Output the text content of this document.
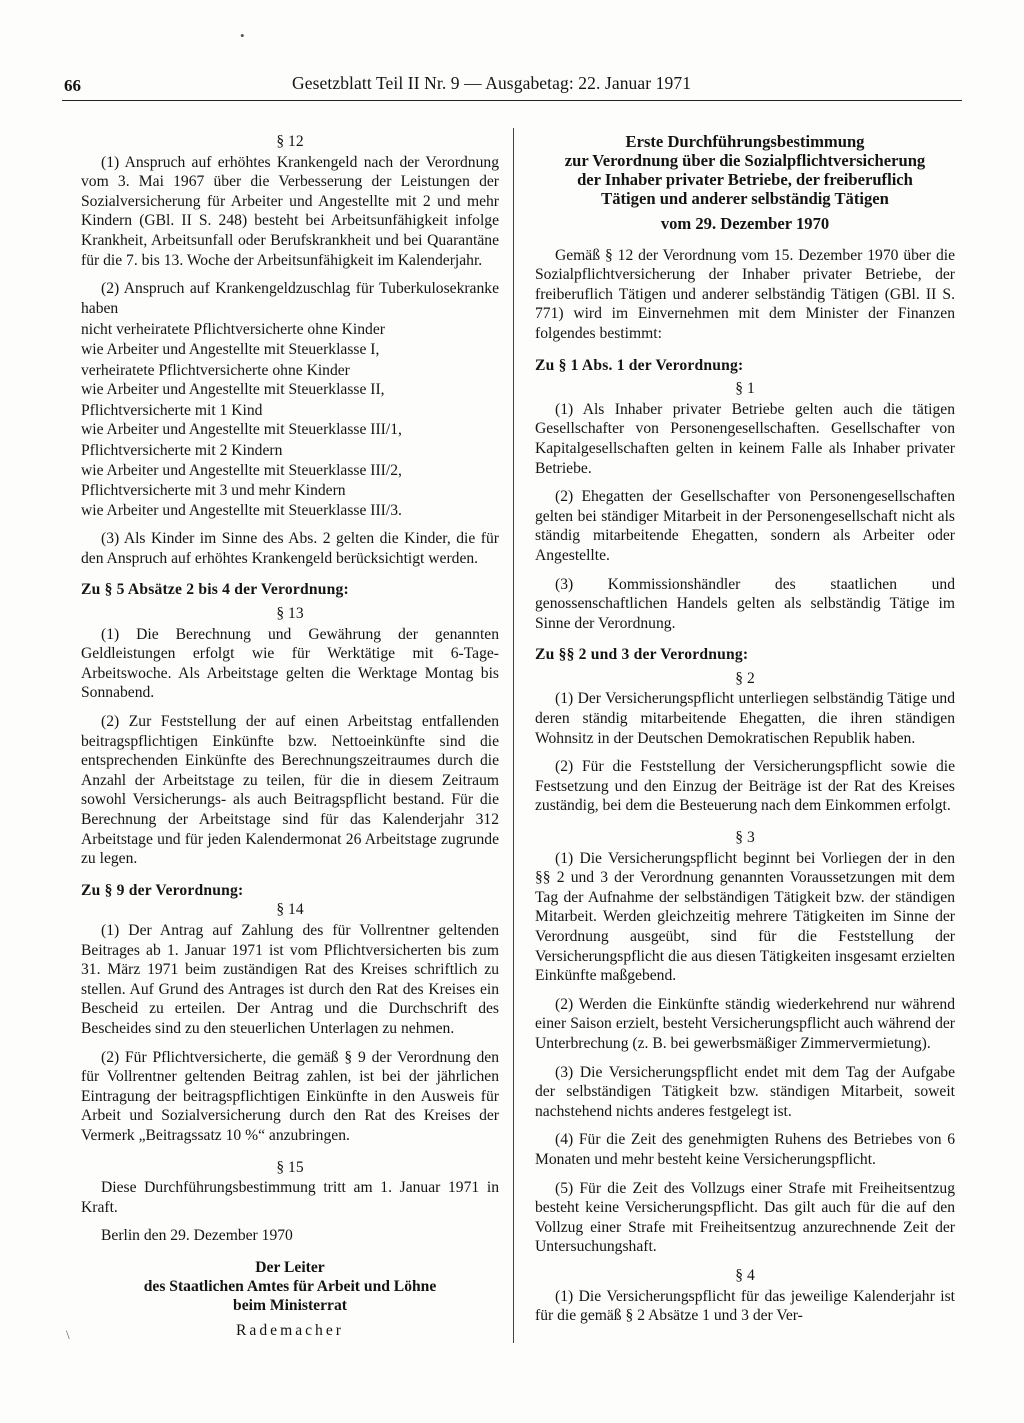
66	Gesetzblatt Teil II Nr. 9 — Ausgabetag: 22. Januar 1971
§ 12

(1) Anspruch auf erhöhtes Krankengeld nach der Verordnung vom 3. Mai 1967 über die Verbesserung der Leistungen der Sozialversicherung für Arbeiter und Angestellte mit 2 und mehr Kindern (GBl. II S. 248) besteht bei Arbeitsunfähigkeit infolge Krankheit, Arbeitsunfall oder Berufskrankheit und bei Quarantäne für die 7. bis 13. Woche der Arbeitsunfähigkeit im Kalenderjahr.

(2) Anspruch auf Krankengeldzuschlag für Tuberkulosekranke haben

nicht verheiratete Pflichtversicherte ohne Kinder
wie Arbeiter und Angestellte mit Steuerklasse I,
verheiratete Pflichtversicherte ohne Kinder
wie Arbeiter und Angestellte mit Steuerklasse II,
Pflichtversicherte mit 1 Kind
wie Arbeiter und Angestellte mit Steuerklasse III/1,
Pflichtversicherte mit 2 Kindern
wie Arbeiter und Angestellte mit Steuerklasse III/2,
Pflichtversicherte mit 3 und mehr Kindern
wie Arbeiter und Angestellte mit Steuerklasse III/3.

(3) Als Kinder im Sinne des Abs. 2 gelten die Kinder, die für den Anspruch auf erhöhtes Krankengeld berücksichtigt werden.

Zu § 5 Absätze 2 bis 4 der Verordnung:
§ 13

(1) Die Berechnung und Gewährung der genannten Geldleistungen erfolgt wie für Werktätige mit 6-Tage-Arbeitswoche. Als Arbeitstage gelten die Werktage Montag bis Sonnabend.

(2) Zur Feststellung der auf einen Arbeitstag entfallenden beitragspflichtigen Einkünfte bzw. Nettoeinkünfte sind die entsprechenden Einkünfte des Berechnungszeitraumes durch die Anzahl der Arbeitstage zu teilen, für die in diesem Zeitraum sowohl Versicherungs- als auch Beitragspflicht bestand. Für die Berechnung der Arbeitstage sind für das Kalenderjahr 312 Arbeitstage und für jeden Kalendermonat 26 Arbeitstage zugrunde zu legen.

Zu § 9 der Verordnung:
§ 14

(1) Der Antrag auf Zahlung des für Vollrentner geltenden Beitrages ab 1. Januar 1971 ist vom Pflichtversicherten bis zum 31. März 1971 beim zuständigen Rat des Kreises schriftlich zu stellen. Auf Grund des Antrages ist durch den Rat des Kreises ein Bescheid zu erteilen. Der Antrag und die Durchschrift des Bescheides sind zu den steuerlichen Unterlagen zu nehmen.

(2) Für Pflichtversicherte, die gemäß § 9 der Verordnung den für Vollrentner geltenden Beitrag zahlen, ist bei der jährlichen Eintragung der beitragspflichtigen Einkünfte in den Ausweis für Arbeit und Sozialversicherung durch den Rat des Kreises der Vermerk „Beitragssatz 10 %“ anzubringen.

§ 15

Diese Durchführungsbestimmung tritt am 1. Januar 1971 in Kraft.

Berlin den 29. Dezember 1970

Der Leiter
des Staatlichen Amtes für Arbeit und Löhne
beim Ministerrat
Rademacher
Erste Durchführungsbestimmung
zur Verordnung über die Sozialpflichtversicherung
der Inhaber privater Betriebe, der freiberuflich
Tätigen und anderer selbständig Tätigen
vom 29. Dezember 1970

Gemäß § 12 der Verordnung vom 15. Dezember 1970 über die Sozialpflichtversicherung der Inhaber privater Betriebe, der freiberuflich Tätigen und anderer selbständig Tätigen (GBl. II S. 771) wird im Einvernehmen mit dem Minister der Finanzen folgendes bestimmt:

Zu § 1 Abs. 1 der Verordnung:
§ 1

(1) Als Inhaber privater Betriebe gelten auch die tätigen Gesellschafter von Personengesellschaften. Gesellschafter von Kapitalgesellschaften gelten in keinem Falle als Inhaber privater Betriebe.

(2) Ehegatten der Gesellschafter von Personengesellschaften gelten bei ständiger Mitarbeit in der Personengesellschaft nicht als ständig mitarbeitende Ehegatten, sondern als Arbeiter oder Angestellte.

(3) Kommissionshändler des staatlichen und genossenschaftlichen Handels gelten als selbständig Tätige im Sinne der Verordnung.

Zu §§ 2 und 3 der Verordnung:
§ 2

(1) Der Versicherungspflicht unterliegen selbständig Tätige und deren ständig mitarbeitende Ehegatten, die ihren ständigen Wohnsitz in der Deutschen Demokratischen Republik haben.

(2) Für die Feststellung der Versicherungspflicht sowie die Festsetzung und den Einzug der Beiträge ist der Rat des Kreises zuständig, bei dem die Besteuerung nach dem Einkommen erfolgt.

§ 3

(1) Die Versicherungspflicht beginnt bei Vorliegen der in den §§ 2 und 3 der Verordnung genannten Voraussetzungen mit dem Tag der Aufnahme der selbständigen Tätigkeit bzw. der ständigen Mitarbeit. Werden gleichzeitig mehrere Tätigkeiten im Sinne der Verordnung ausgeübt, sind für die Feststellung der Versicherungspflicht die aus diesen Tätigkeiten insgesamt erzielten Einkünfte maßgebend.

(2) Werden die Einkünfte ständig wiederkehrend nur während einer Saison erzielt, besteht Versicherungspflicht auch während der Unterbrechung (z. B. bei gewerbsmäßiger Zimmervermietung).

(3) Die Versicherungspflicht endet mit dem Tag der Aufgabe der selbständigen Tätigkeit bzw. ständigen Mitarbeit, soweit nachstehend nichts anderes festgelegt ist.

(4) Für die Zeit des genehmigten Ruhens des Betriebes von 6 Monaten und mehr besteht keine Versicherungspflicht.

(5) Für die Zeit des Vollzugs einer Strafe mit Freiheitsentzug besteht keine Versicherungspflicht. Das gilt auch für die auf den Vollzug einer Strafe mit Freiheitsentzug anzurechnende Zeit der Untersuchungshaft.

§ 4

(1) Die Versicherungspflicht für das jeweilige Kalenderjahr ist für die gemäß § 2 Absätze 1 und 3 der Ver-

•
\
